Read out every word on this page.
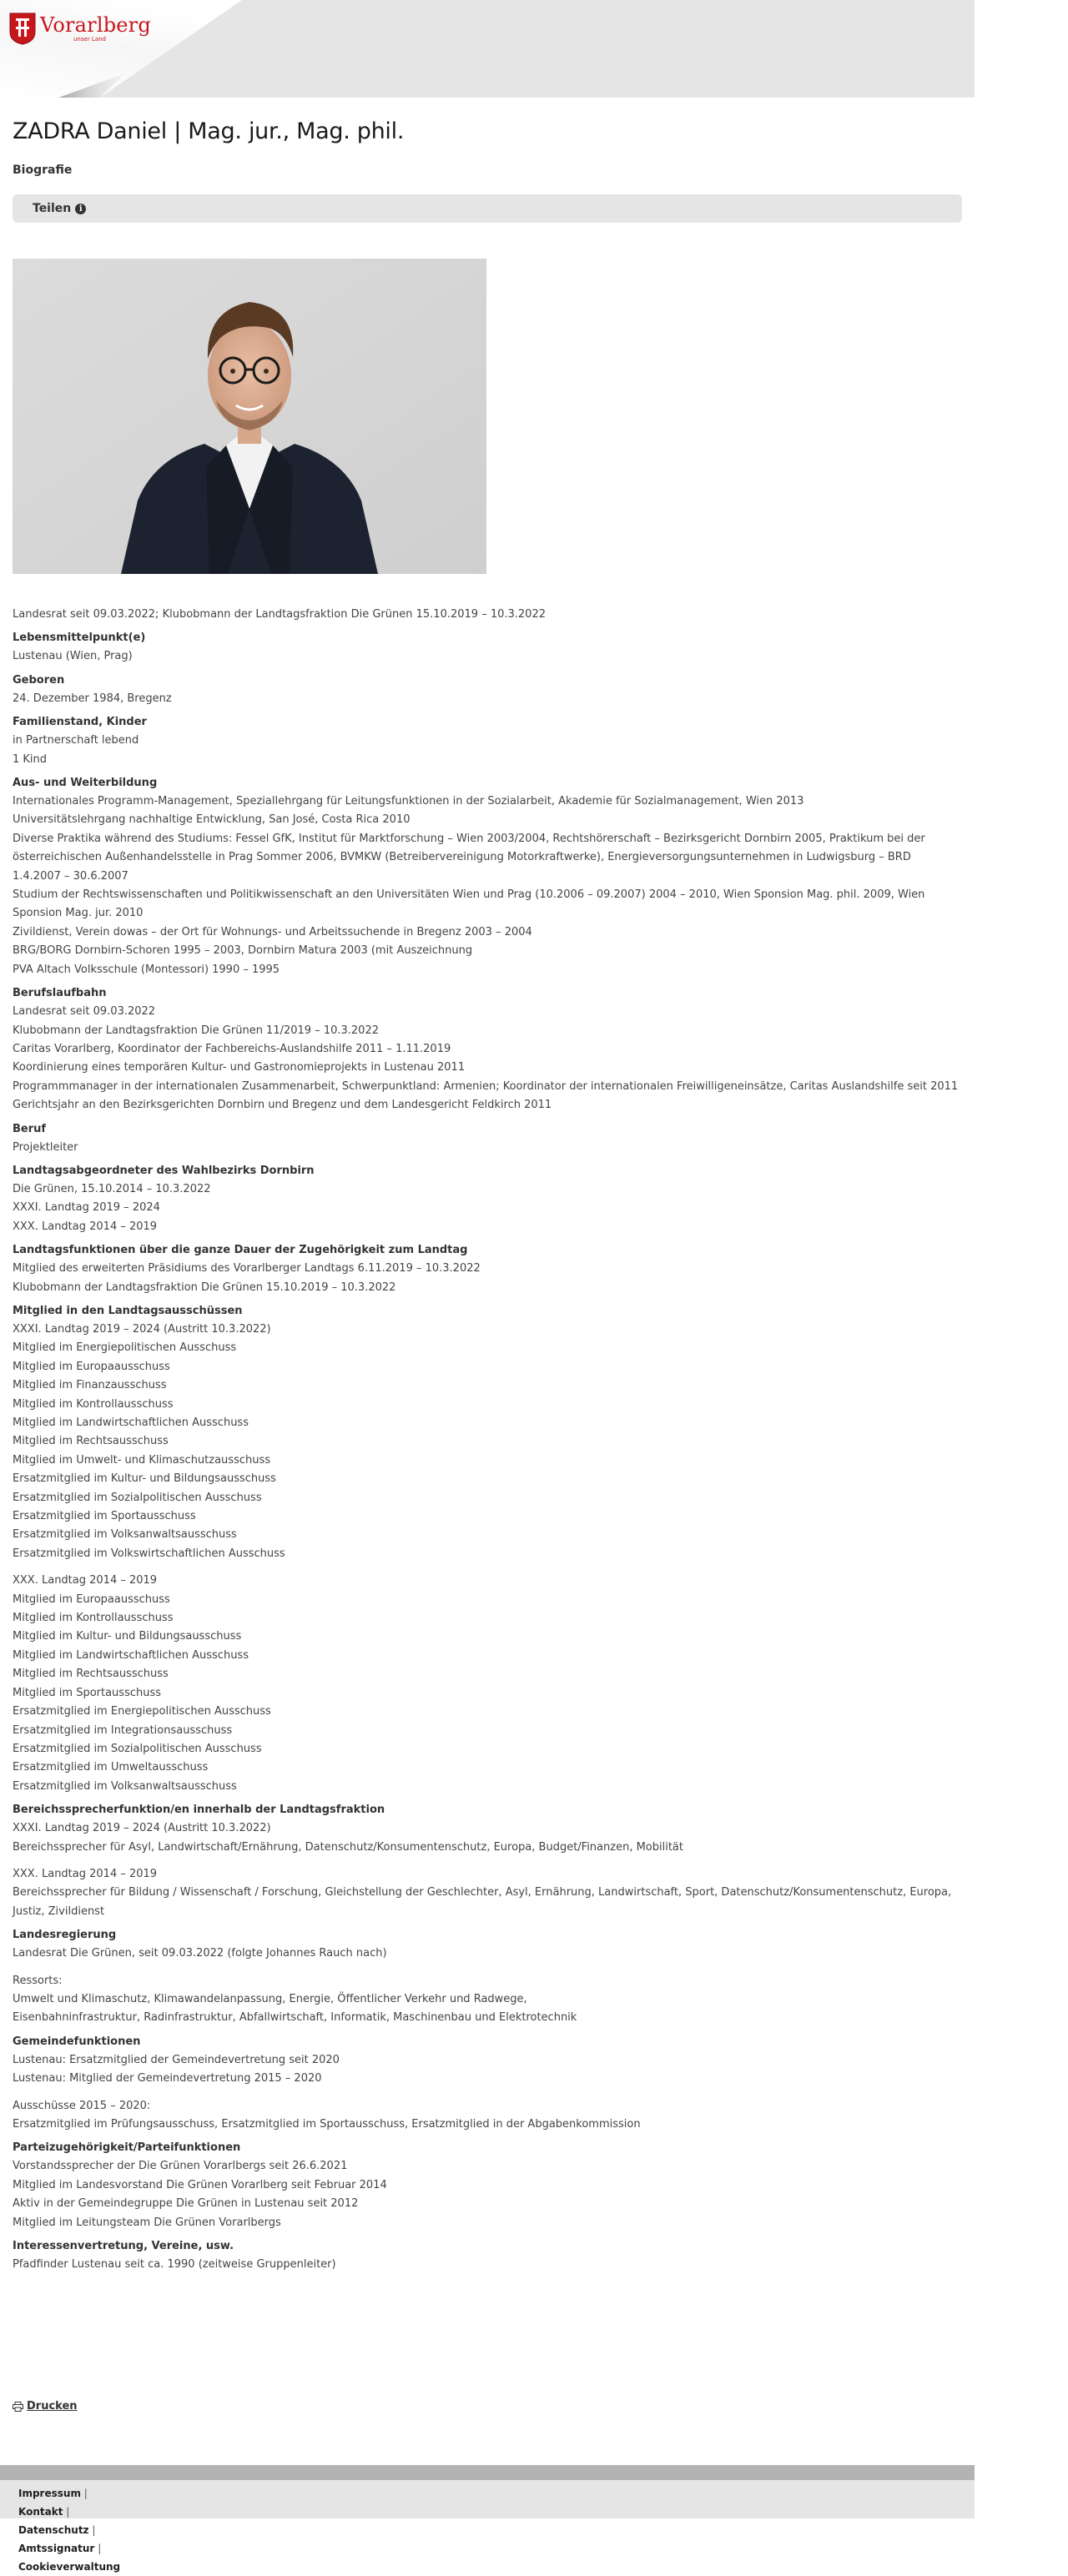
Vorarlberg
unser Land
ZADRA Daniel | Mag. jur., Mag. phil.
Biografie
Teilen i
Landesrat seit 09.03.2022; Klubobmann der Landtagsfraktion Die Grünen 15.10.2019 – 10.3.2022
Lebensmittelpunkt(e)
Lustenau (Wien, Prag)
Geboren
24. Dezember 1984, Bregenz
Familienstand, Kinder
in Partnerschaft lebend
1 Kind
Aus- und Weiterbildung
Internationales Programm-Management, Speziallehrgang für Leitungsfunktionen in der Sozialarbeit, Akademie für Sozialmanagement, Wien 2013
Universitätslehrgang nachhaltige Entwicklung, San José, Costa Rica 2010
Diverse Praktika während des Studiums: Fessel GfK, Institut für Marktforschung – Wien 2003/2004, Rechtshörerschaft – Bezirksgericht Dornbirn 2005, Praktikum bei der österreichischen Außenhandelsstelle in Prag Sommer 2006, BVMKW (Betreibervereinigung Motorkraftwerke), Energieversorgungsunternehmen in Ludwigsburg – BRD 1.4.2007 – 30.6.2007
Studium der Rechtswissenschaften und Politikwissenschaft an den Universitäten Wien und Prag (10.2006 – 09.2007) 2004 – 2010, Wien Sponsion Mag. phil. 2009, Wien Sponsion Mag. jur. 2010
Zivildienst, Verein dowas – der Ort für Wohnungs- und Arbeitssuchende in Bregenz 2003 – 2004
BRG/BORG Dornbirn-Schoren 1995 – 2003, Dornbirn Matura 2003 (mit Auszeichnung
PVA Altach Volksschule (Montessori) 1990 – 1995
Berufslaufbahn
Landesrat seit 09.03.2022
Klubobmann der Landtagsfraktion Die Grünen 11/2019 – 10.3.2022
Caritas Vorarlberg, Koordinator der Fachbereichs-Auslandshilfe 2011 – 1.11.2019
Koordinierung eines temporären Kultur- und Gastronomieprojekts in Lustenau 2011
Programmmanager in der internationalen Zusammenarbeit, Schwerpunktland: Armenien; Koordinator der internationalen Freiwilligeneinsätze, Caritas Auslandshilfe seit 2011
Gerichtsjahr an den Bezirksgerichten Dornbirn und Bregenz und dem Landesgericht Feldkirch 2011
Beruf
Projektleiter
Landtagsabgeordneter des Wahlbezirks Dornbirn
Die Grünen, 15.10.2014 – 10.3.2022
XXXI. Landtag 2019 – 2024
XXX. Landtag 2014 – 2019
Landtagsfunktionen über die ganze Dauer der Zugehörigkeit zum Landtag
Mitglied des erweiterten Präsidiums des Vorarlberger Landtags 6.11.2019 – 10.3.2022
Klubobmann der Landtagsfraktion Die Grünen 15.10.2019 – 10.3.2022
Mitglied in den Landtagsausschüssen
XXXI. Landtag 2019 – 2024 (Austritt 10.3.2022)
Mitglied im Energiepolitischen Ausschuss
Mitglied im Europaausschuss
Mitglied im Finanzausschuss
Mitglied im Kontrollausschuss
Mitglied im Landwirtschaftlichen Ausschuss
Mitglied im Rechtsausschuss
Mitglied im Umwelt- und Klimaschutzausschuss
Ersatzmitglied im Kultur- und Bildungsausschuss
Ersatzmitglied im Sozialpolitischen Ausschuss
Ersatzmitglied im Sportausschuss
Ersatzmitglied im Volksanwaltsausschuss
Ersatzmitglied im Volkswirtschaftlichen Ausschuss
XXX. Landtag 2014 – 2019
Mitglied im Europaausschuss
Mitglied im Kontrollausschuss
Mitglied im Kultur- und Bildungsausschuss
Mitglied im Landwirtschaftlichen Ausschuss
Mitglied im Rechtsausschuss
Mitglied im Sportausschuss
Ersatzmitglied im Energiepolitischen Ausschuss
Ersatzmitglied im Integrationsausschuss
Ersatzmitglied im Sozialpolitischen Ausschuss
Ersatzmitglied im Umweltausschuss
Ersatzmitglied im Volksanwaltsausschuss
Bereichssprecherfunktion/en innerhalb der Landtagsfraktion
XXXI. Landtag 2019 – 2024 (Austritt 10.3.2022)
Bereichssprecher für Asyl, Landwirtschaft/Ernährung, Datenschutz/Konsumentenschutz, Europa, Budget/Finanzen, Mobilität
XXX. Landtag 2014 – 2019
Bereichssprecher für Bildung / Wissenschaft / Forschung, Gleichstellung der Geschlechter, Asyl, Ernährung, Landwirtschaft, Sport, Datenschutz/Konsumentenschutz, Europa, Justiz, Zivildienst
Landesregierung
Landesrat Die Grünen, seit 09.03.2022 (folgte Johannes Rauch nach)
Ressorts:
Umwelt und Klimaschutz, Klimawandelanpassung, Energie, Öffentlicher Verkehr und Radwege,
Eisenbahninfrastruktur, Radinfrastruktur, Abfallwirtschaft, Informatik, Maschinenbau und Elektrotechnik
Gemeindefunktionen
Lustenau: Ersatzmitglied der Gemeindevertretung seit 2020
Lustenau: Mitglied der Gemeindevertretung 2015 – 2020
Ausschüsse 2015 – 2020:
Ersatzmitglied im Prüfungsausschuss, Ersatzmitglied im Sportausschuss, Ersatzmitglied in der Abgabenkommission
Parteizugehörigkeit/Parteifunktionen
Vorstandssprecher der Die Grünen Vorarlbergs seit 26.6.2021
Mitglied im Landesvorstand Die Grünen Vorarlberg seit Februar 2014
Aktiv in der Gemeindegruppe Die Grünen in Lustenau seit 2012
Mitglied im Leitungsteam Die Grünen Vorarlbergs
Interessenvertretung, Vereine, usw.
Pfadfinder Lustenau seit ca. 1990 (zeitweise Gruppenleiter)
Drucken
Impressum |
Kontakt |
Datenschutz |
Amtssignatur |
Cookieverwaltung
